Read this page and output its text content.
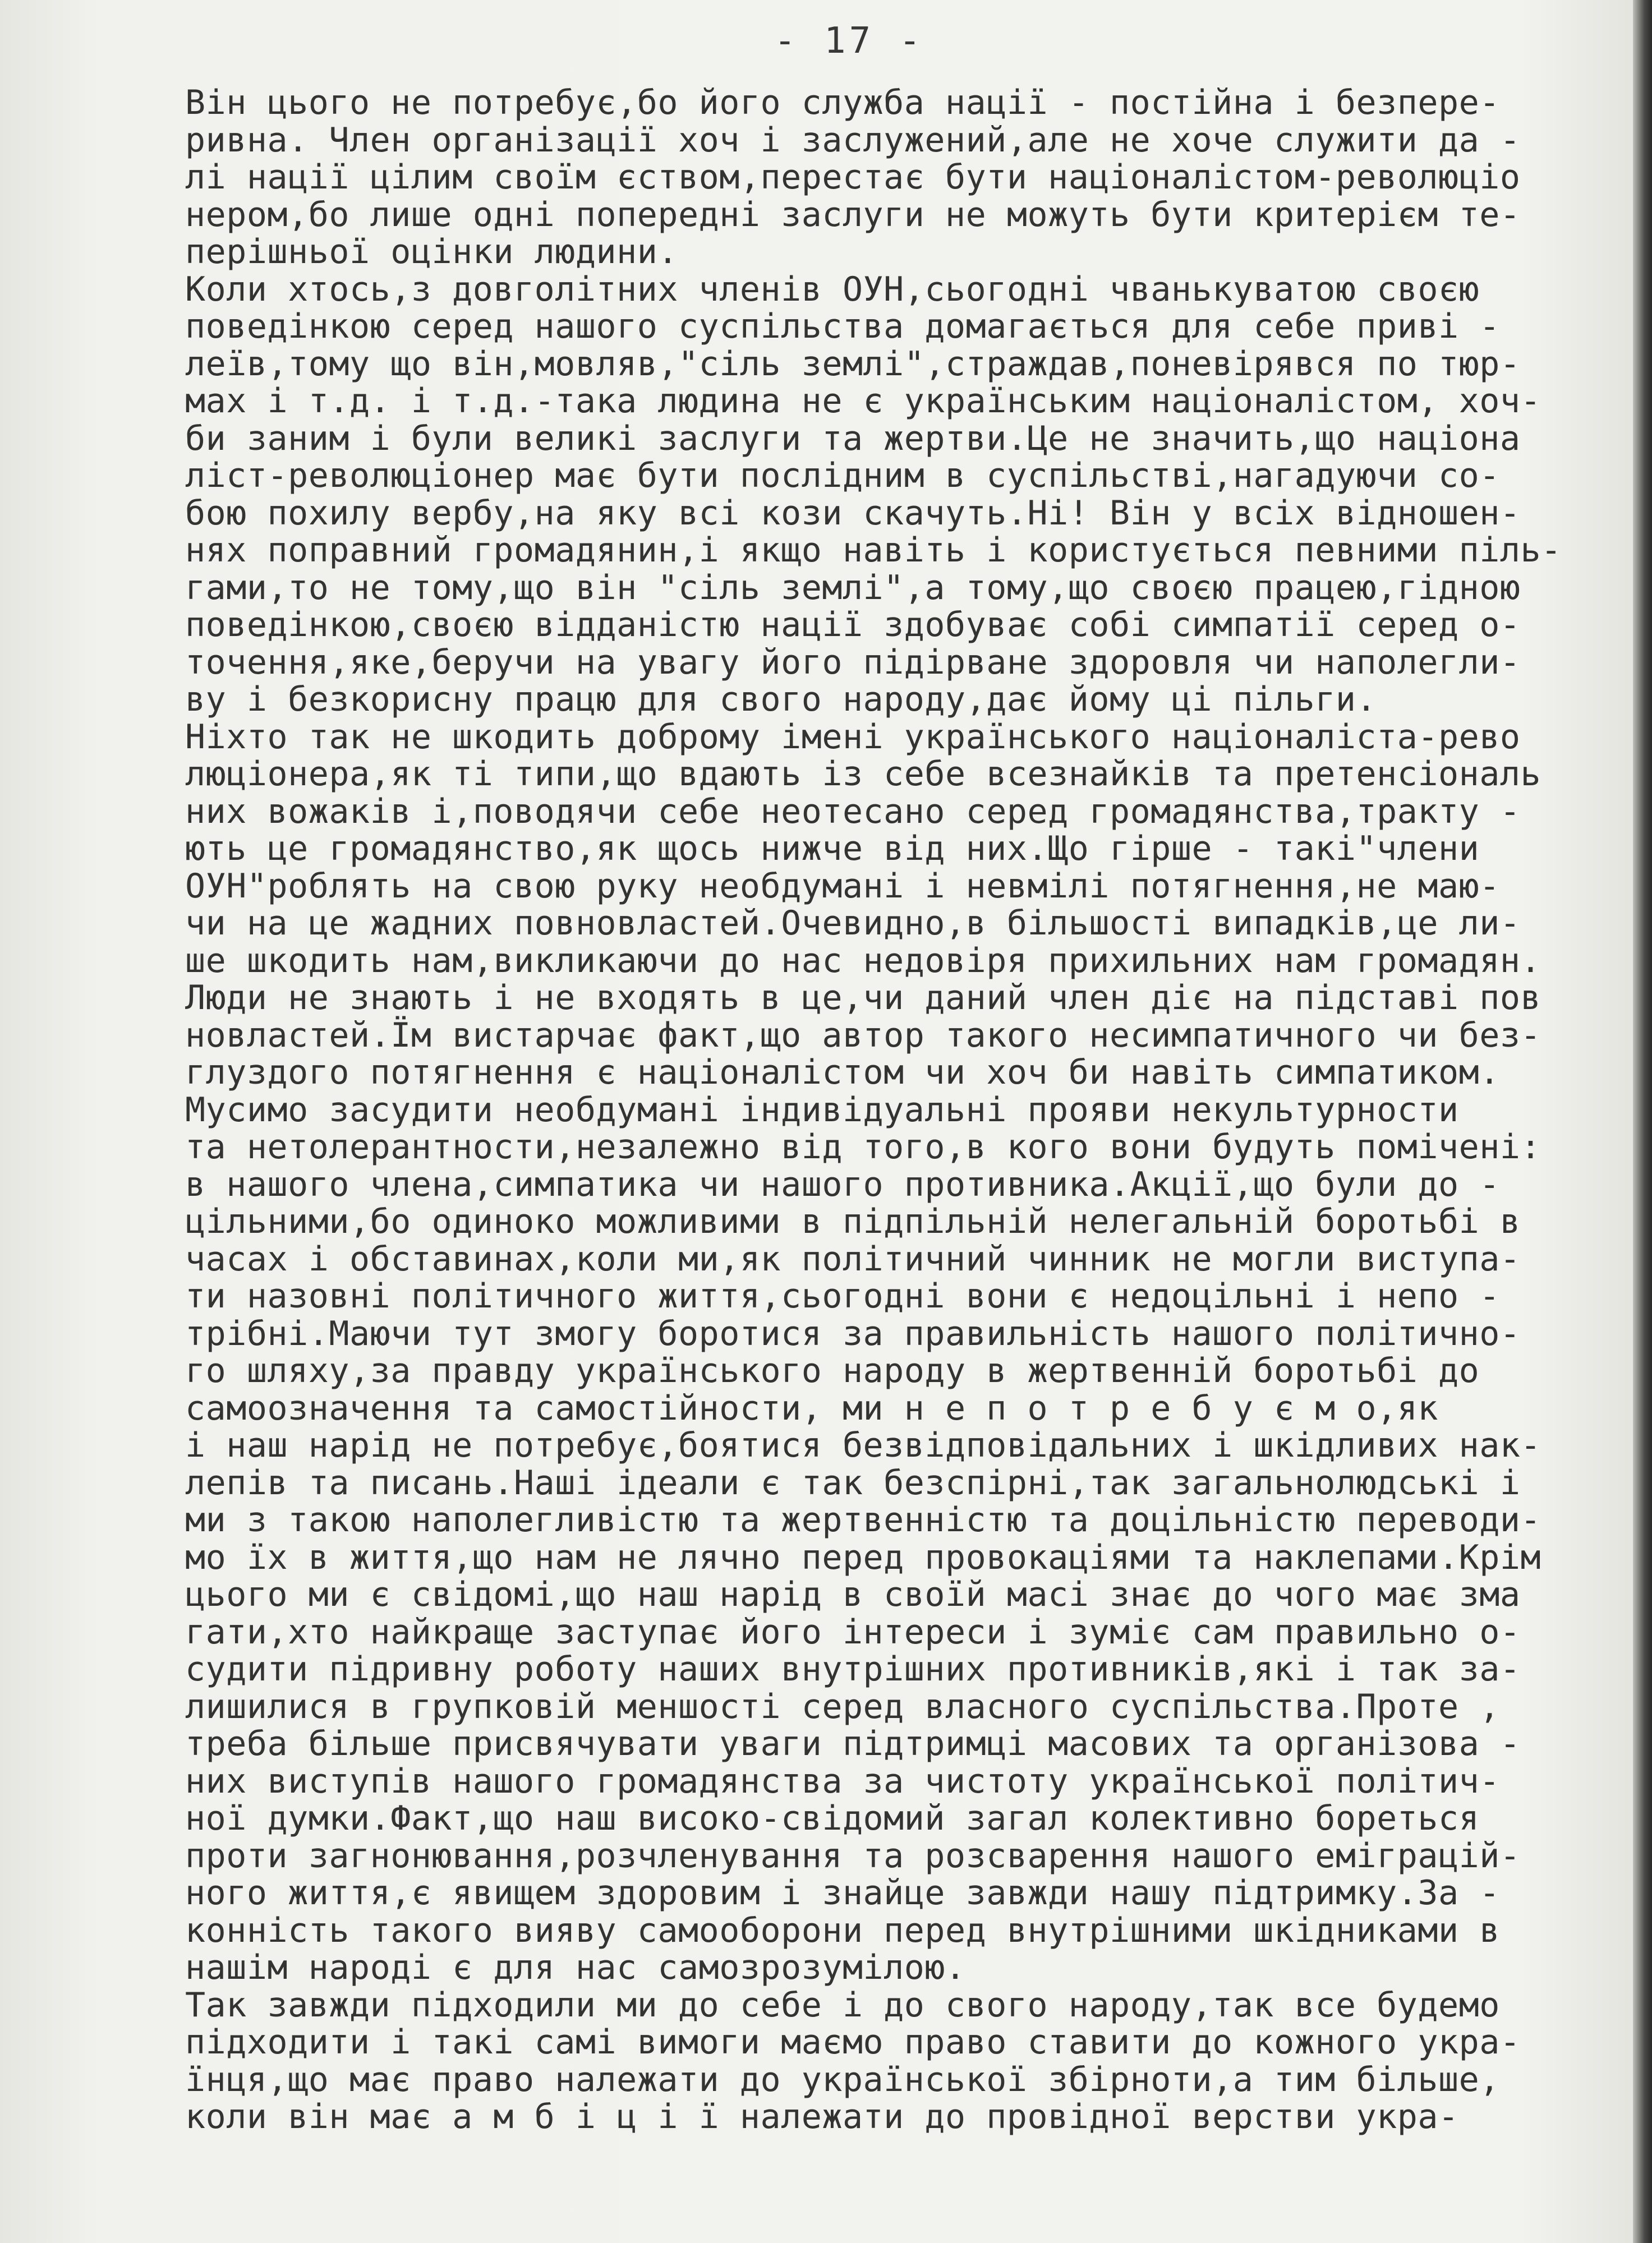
- 17 -
Він цього не потребує,бо його служба нації - постійна і безпере-
ривна. Член організації хоч і заслужений,але не хоче служити да -
лі нації цілим своїм єством,перестає бути націоналістом-революціо
нером,бо лише одні попередні заслуги не можуть бути критерієм те-
перішньої оцінки людини.
Коли хтось,з довголітних членів ОУН,сьогодні чванькуватою своєю
поведінкою серед нашого суспільства домагається для себе приві -
леїв,тому що він,мовляв,"сіль землі",страждав,поневірявся по тюр-
мах і т.д. і т.д.-така людина не є українським націоналістом, хоч-
би заним і були великі заслуги та жертви.Це не значить,що націона
ліст-революціонер має бути послідним в суспільстві,нагадуючи со-
бою похилу вербу,на яку всі кози скачуть.Ні! Він у всіх відношен-
нях поправний громадянин,і якщо навіть і користується певними піль-
гами,то не тому,що він "сіль землі",а тому,що своєю працею,гідною
поведінкою,своєю відданістю нації здобуває собі симпатії серед о-
точення,яке,беручи на увагу його підірване здоровля чи наполегли-
ву і безкорисну працю для свого народу,дає йому ці пільги.
Ніхто так не шкодить доброму імені українського націоналіста-рево
люціонера,як ті типи,що вдають із себе всезнайків та претенсіональ
них вожаків і,поводячи себе неотесано серед громадянства,тракту -
ють це громадянство,як щось нижче від них.Що гірше - такі"члени
ОУН"роблять на свою руку необдумані і невмілі потягнення,не маю-
чи на це жадних повновластей.Очевидно,в більшості випадків,це ли-
ше шкодить нам,викликаючи до нас недовіря прихильних нам громадян.
Люди не знають і не входять в це,чи даний член діє на підставі пов
новластей.Їм вистарчає факт,що автор такого несимпатичного чи без-
глуздого потягнення є націоналістом чи хоч би навіть симпатиком.
Мусимо засудити необдумані індивідуальні прояви некультурности
та нетолерантности,незалежно від того,в кого вони будуть помічені:
в нашого члена,симпатика чи нашого противника.Акції,що були до -
цільними,бо одиноко можливими в підпільній нелегальній боротьбі в
часах і обставинах,коли ми,як політичний чинник не могли виступа-
ти назовні політичного життя,сьогодні вони є недоцільні і непо -
трібні.Маючи тут змогу боротися за правильність нашого політично-
го шляху,за правду українського народу в жертвенній боротьбі до
самоозначення та самостійности, ми н е п о т р е б у є м о,як
і наш нарід не потребує,боятися безвідповідальних і шкідливих нак-
лепів та писань.Наші ідеали є так безспірні,так загальнолюдські і
ми з такою наполегливістю та жертвенністю та доцільністю переводи-
мо їх в життя,що нам не лячно перед провокаціями та наклепами.Крім
цього ми є свідомі,що наш нарід в своїй масі знає до чого має зма
гати,хто найкраще заступає його інтереси і зуміє сам правильно о-
судити підривну роботу наших внутрішних противників,які і так за-
лишилися в групковій меншості серед власного суспільства.Проте ,
треба більше присвячувати уваги підтримці масових та організова -
них виступів нашого громадянства за чистоту української політич-
ної думки.Факт,що наш високо-свідомий загал колективно бореться
проти загнонювання,розчленування та розсварення нашого еміграцій-
ного життя,є явищем здоровим і знайце завжди нашу підтримку.За -
конність такого вияву самооборони перед внутрішними шкідниками в
нашім народі є для нас самозрозумілою.
Так завжди підходили ми до себе і до свого народу,так все будемо
підходити і такі самі вимоги маємо право ставити до кожного укра-
їнця,що має право належати до української збірноти,а тим більше,
коли він має а м б і ц і ї належати до провідної верстви укра-
